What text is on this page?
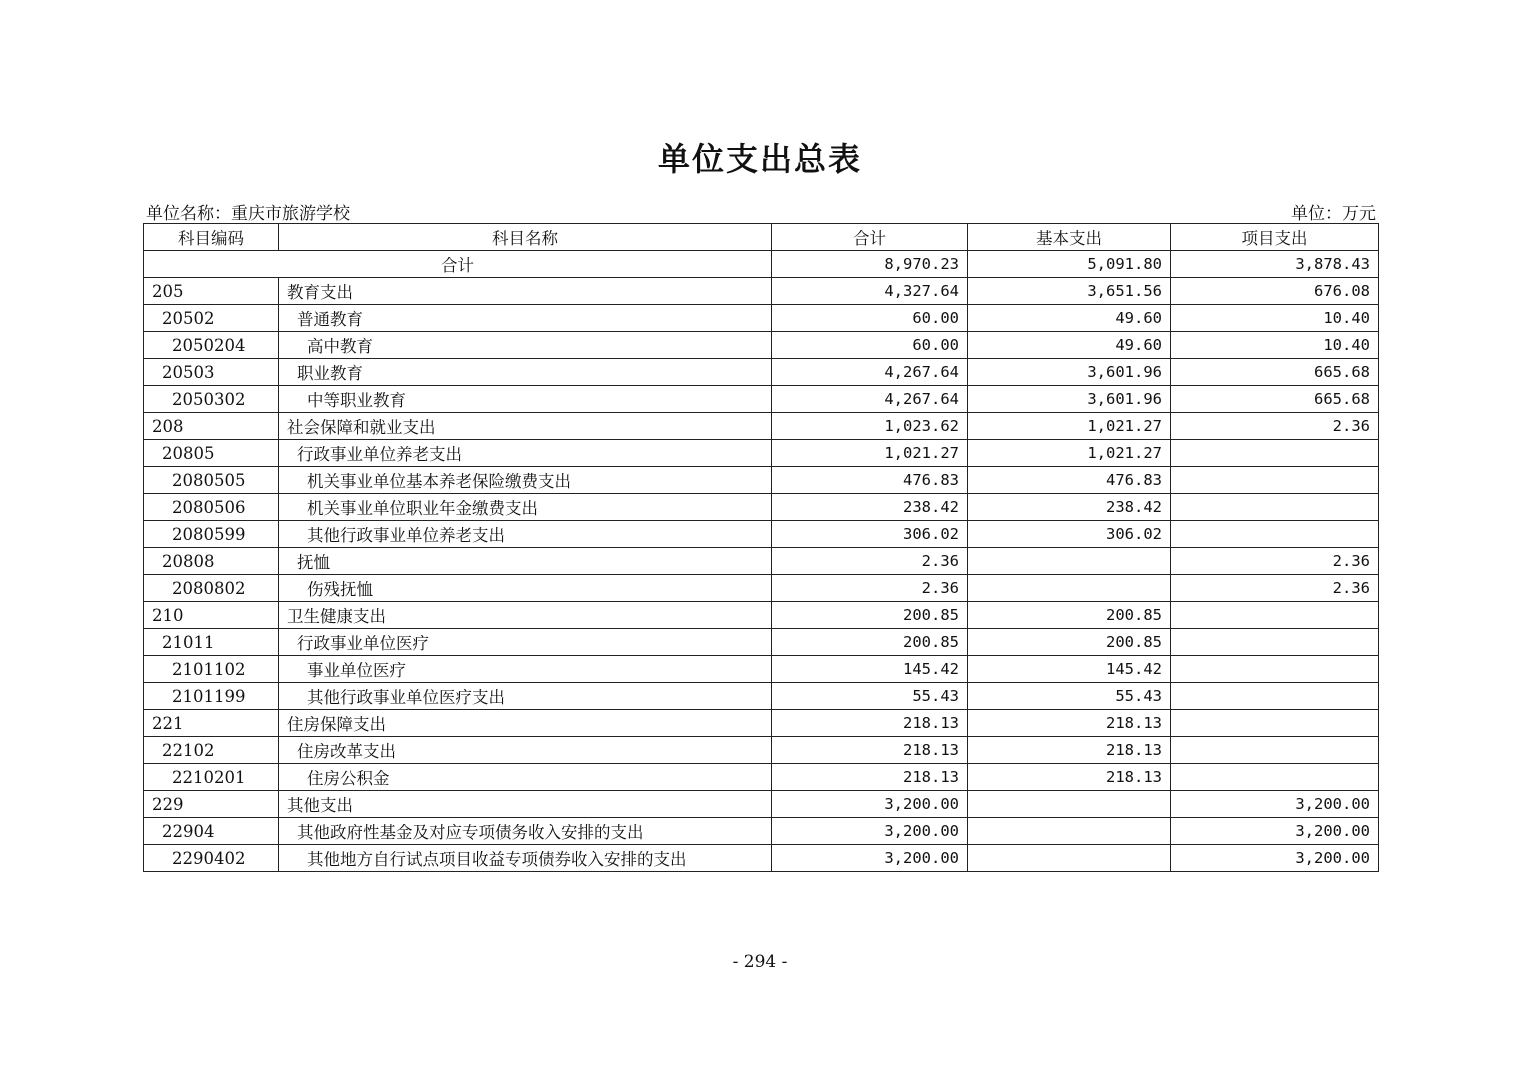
单位支出总表
单位名称：重庆市旅游学校	单位：万元
科目编码	科目名称	合计	基本支出	项目支出
合计		8,970.23	5,091.80	3,878.43
205	教育支出	4,327.64	3,651.56	676.08
20502	普通教育	60.00	49.60	10.40
2050204	高中教育	60.00	49.60	10.40
20503	职业教育	4,267.64	3,601.96	665.68
2050302	中等职业教育	4,267.64	3,601.96	665.68
208	社会保障和就业支出	1,023.62	1,021.27	2.36
20805	行政事业单位养老支出	1,021.27	1,021.27	
2080505	机关事业单位基本养老保险缴费支出	476.83	476.83	
2080506	机关事业单位职业年金缴费支出	238.42	238.42	
2080599	其他行政事业单位养老支出	306.02	306.02	
20808	抚恤	2.36		2.36
2080802	伤残抚恤	2.36		2.36
210	卫生健康支出	200.85	200.85	
21011	行政事业单位医疗	200.85	200.85	
2101102	事业单位医疗	145.42	145.42	
2101199	其他行政事业单位医疗支出	55.43	55.43	
221	住房保障支出	218.13	218.13	
22102	住房改革支出	218.13	218.13	
2210201	住房公积金	218.13	218.13	
229	其他支出	3,200.00		3,200.00
22904	其他政府性基金及对应专项债务收入安排的支出	3,200.00		3,200.00
2290402	其他地方自行试点项目收益专项债券收入安排的支出	3,200.00		3,200.00
- 294 -
